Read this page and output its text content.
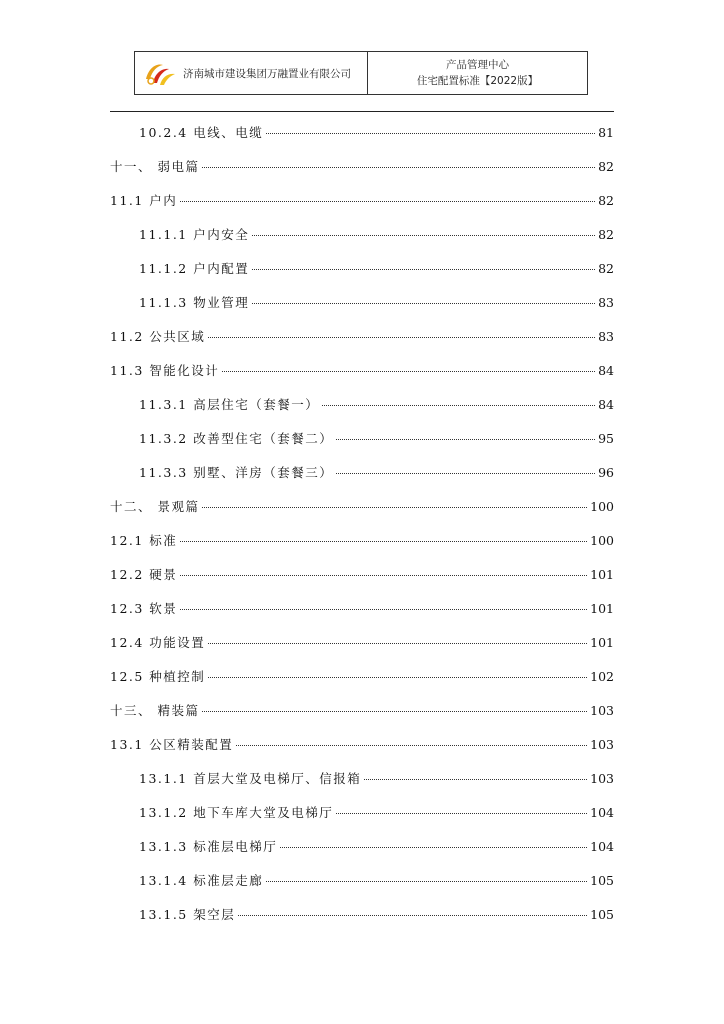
济南城市建设集团万融置业有限公司
产品管理中心
住宅配置标准【2022版】
10.2.4 电线、电缆	81
十一、 弱电篇	82
11.1 户内	82
11.1.1 户内安全	82
11.1.2 户内配置	82
11.1.3 物业管理	83
11.2 公共区域	83
11.3 智能化设计	84
11.3.1 高层住宅（套餐一）	84
11.3.2 改善型住宅（套餐二）	95
11.3.3 别墅、洋房（套餐三）	96
十二、 景观篇	100
12.1 标准	100
12.2 硬景	101
12.3 软景	101
12.4 功能设置	101
12.5 种植控制	102
十三、 精装篇	103
13.1 公区精装配置	103
13.1.1 首层大堂及电梯厅、信报箱	103
13.1.2 地下车库大堂及电梯厅	104
13.1.3 标准层电梯厅	104
13.1.4 标准层走廊	105
13.1.5 架空层	105
